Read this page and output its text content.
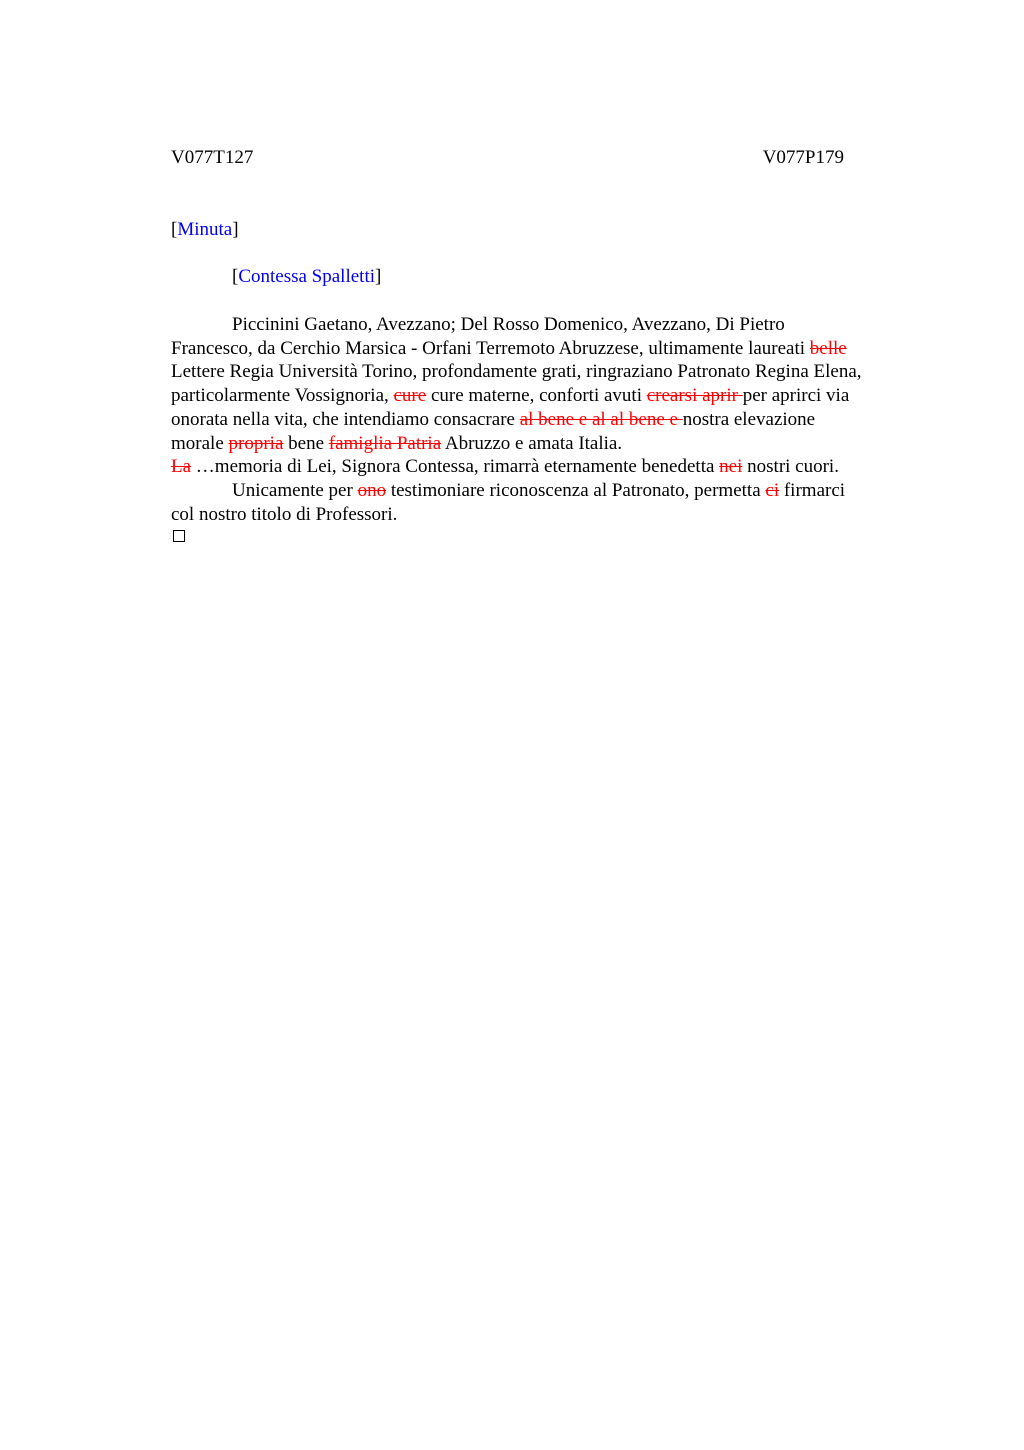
V077T127	V077P179
[Minuta]
[Contessa Spalletti]
Piccinini Gaetano, Avezzano; Del Rosso Domenico, Avezzano, Di Pietro
Francesco, da Cerchio Marsica - Orfani Terremoto Abruzzese, ultimamente laureati belle
Lettere Regia Università Torino, profondamente grati, ringraziano Patronato Regina Elena,
particolarmente Vossignoria, cure cure materne, conforti avuti crearsi aprir per aprirci via
onorata nella vita, che intendiamo consacrare al bene e al al bene e nostra elevazione
morale propria bene famiglia Patria Abruzzo e amata Italia.
La …memoria di Lei, Signora Contessa, rimarrà eternamente benedetta nei nostri cuori.
Unicamente per ono testimoniare riconoscenza al Patronato, permetta ci firmarci
col nostro titolo di Professori.
